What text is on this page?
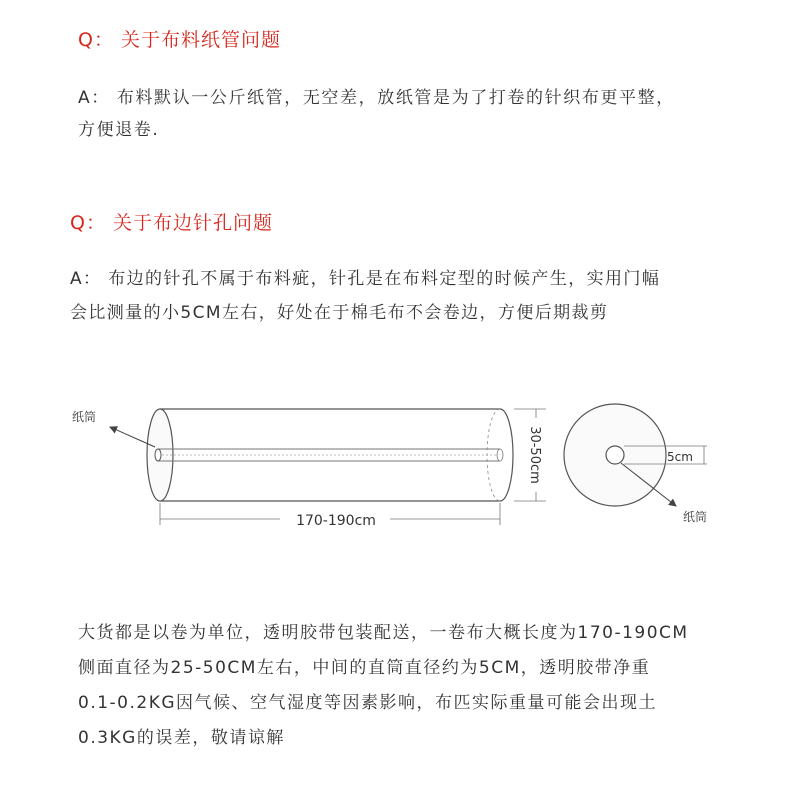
Q： 关于布料纸管问题
A： 布料默认一公斤纸管，无空差，放纸管是为了打卷的针织布更平整，
方便退卷.
Q： 关于布边针孔问题
A： 布边的针孔不属于布料疵，针孔是在布料定型的时候产生，实用门幅
会比测量的小5CM左右，好处在于棉毛布不会卷边，方便后期裁剪
纸筒
170-190cm
30-50cm	5cm
纸筒
大货都是以卷为单位，透明胶带包装配送，一卷布大概长度为170-190CM
侧面直径为25-50CM左右，中间的直筒直径约为5CM，透明胶带净重
0.1-0.2KG因气候、空气湿度等因素影响，布匹实际重量可能会出现土
0.3KG的误差，敬请谅解
